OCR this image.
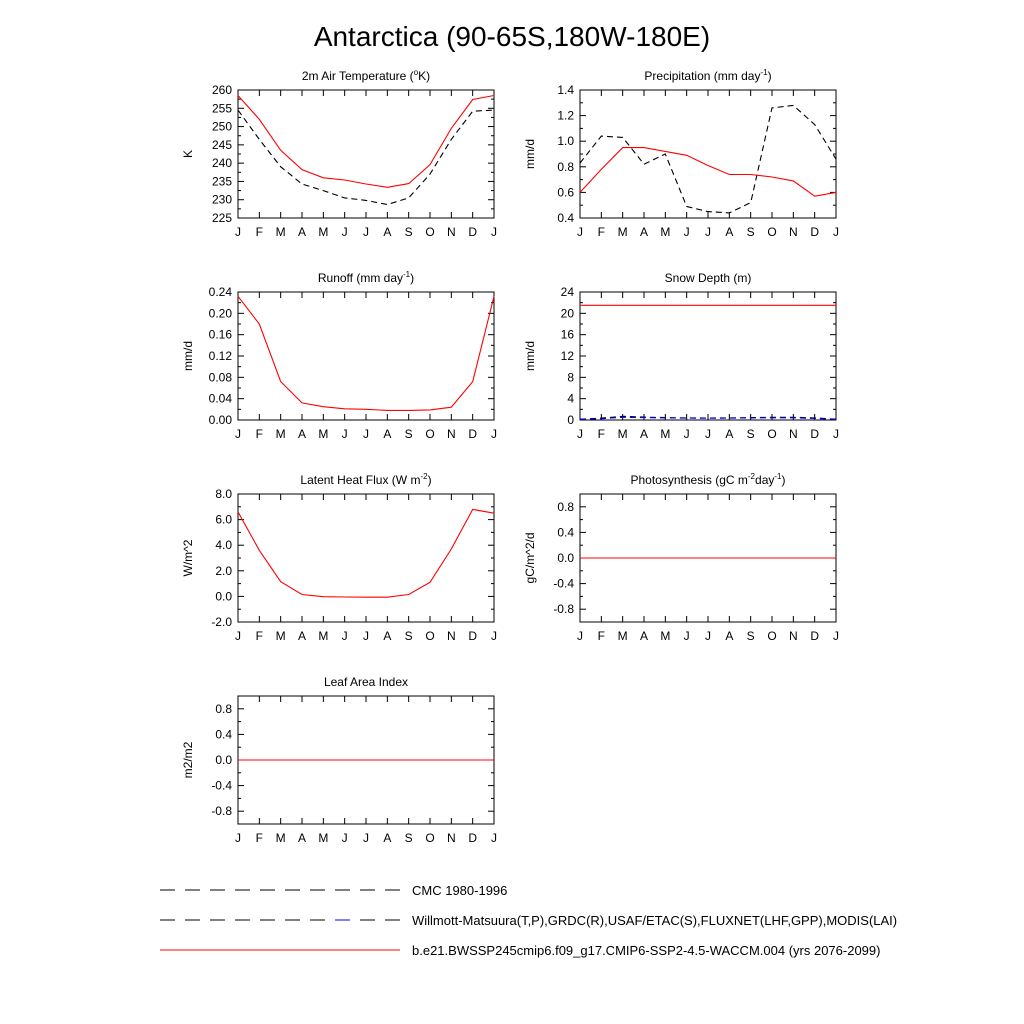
Antarctica (90-65S,180W-180E)
2m Air Temperature ($^o$K)
J F M A M J J A S O N D J
225
230
235
240
245
250
255
260
K
Precipitation (mm day$^{-1}$)
J F M A M J J A S O N D J
0.4
0.6
0.8
1.0
1.2
1.4
mm/d
Runoff (mm day$^{-1}$)
J F M A M J J A S O N D J
0.00
0.04
0.08
0.12
0.16
0.20
0.24
mm/d
Snow Depth (m)
J F M A M J J A S O N D J
0
4
8
12
16
20
24
mm/d
Latent Heat Flux (W $m^{-2}$)
J F M A M J J A S O N D J
-2.0
0.0
2.0
4.0
6.0
8.0
W/m^2
Photosynthesis (gC $m^{-2}day^{-1}$)
J F M A M J J A S O N D J
-0.8
-0.4
0.0
0.4
0.8
gC/m^2/d
Leaf Area Index
J F M A M J J A S O N D J
-0.8
-0.4
0.0
0.4
0.8
m2/m2
CMC 1980-1996
Willmott-Matsuura(T,P),GRDC(R),USAF/ETAC(S),FLUXNET(LHF,GPP),MODIS(LAI)
b.e21.BWSSP245cmip6.f09_g17.CMIP6-SSP2-4.5-WACCM.004 (yrs 2076-2099)
